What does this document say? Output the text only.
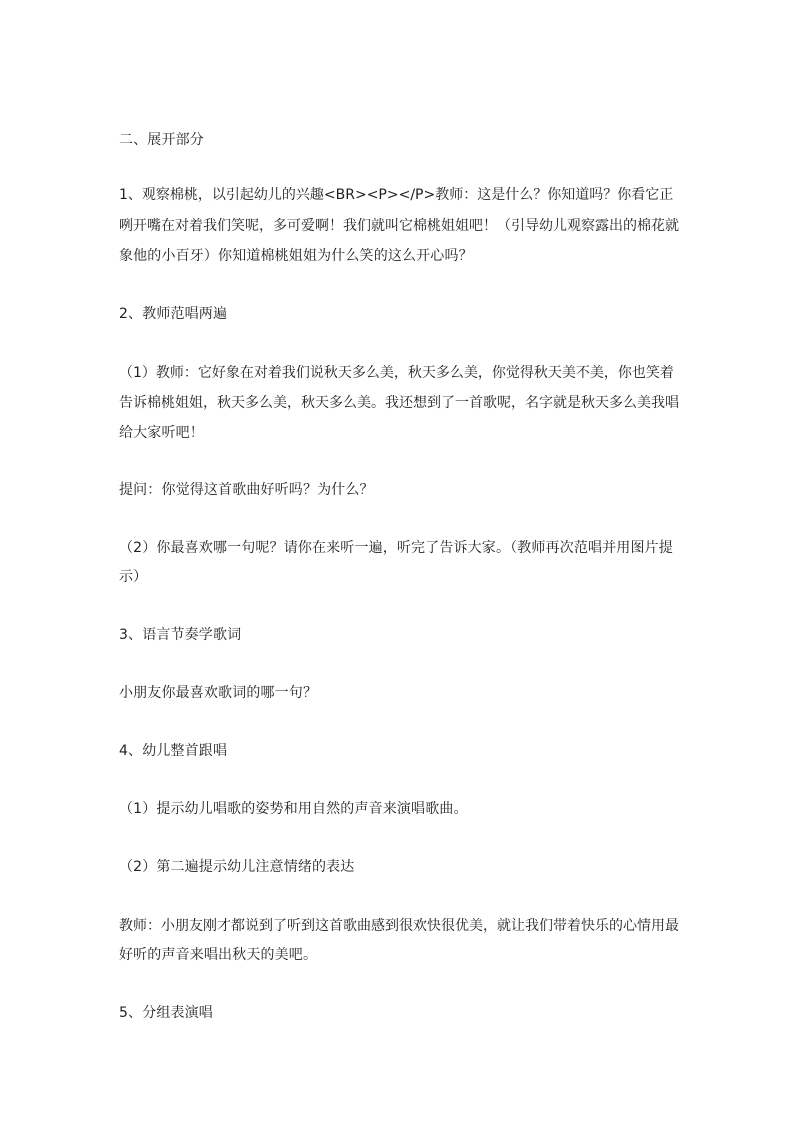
二、展开部分

1、观察棉桃，以引起幼儿的兴趣<BR><P></P>教师：这是什么？你知道吗？你看它正

咧开嘴在对着我们笑呢，多可爱啊！我们就叫它棉桃姐姐吧！（引导幼儿观察露出的棉花就

象他的小百牙）你知道棉桃姐姐为什么笑的这么开心吗？

2、教师范唱两遍

（1）教师：它好象在对着我们说秋天多么美，秋天多么美，你觉得秋天美不美，你也笑着

告诉棉桃姐姐，秋天多么美，秋天多么美。我还想到了一首歌呢，名字就是秋天多么美我唱

给大家听吧！

提问：你觉得这首歌曲好听吗？为什么？

（2）你最喜欢哪一句呢？请你在来听一遍，听完了告诉大家。（教师再次范唱并用图片提

示）

3、语言节奏学歌词

小朋友你最喜欢歌词的哪一句？

4、幼儿整首跟唱

（1）提示幼儿唱歌的姿势和用自然的声音来演唱歌曲。

（2）第二遍提示幼儿注意情绪的表达

教师：小朋友刚才都说到了听到这首歌曲感到很欢快很优美，就让我们带着快乐的心情用最

好听的声音来唱出秋天的美吧。

5、分组表演唱
